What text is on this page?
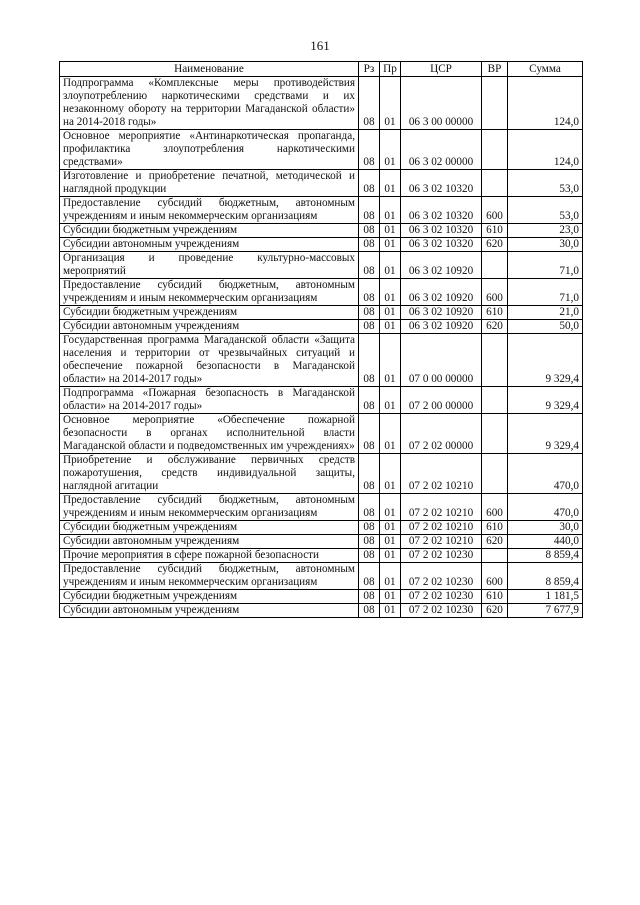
161
Наименование	Рз	Пр	ЦСР	ВР	Сумма
Подпрограмма «Комплексные меры противодействия злоупотреблению наркотическими средствами и их незаконному обороту на территории Магаданской области» на 2014-2018 годы»	08	01	06 3 00 00000		124,0
Основное мероприятие «Антинаркотическая пропаганда, профилактика злоупотребления наркотическими средствами»	08	01	06 3 02 00000		124,0
Изготовление и приобретение печатной, методической и наглядной продукции	08	01	06 3 02 10320		53,0
Предоставление субсидий бюджетным, автономным учреждениям и иным некоммерческим организациям	08	01	06 3 02 10320	600	53,0
Субсидии бюджетным учреждениям	08	01	06 3 02 10320	610	23,0
Субсидии автономным учреждениям	08	01	06 3 02 10320	620	30,0
Организация и проведение культурно-массовых мероприятий	08	01	06 3 02 10920		71,0
Предоставление субсидий бюджетным, автономным учреждениям и иным некоммерческим организациям	08	01	06 3 02 10920	600	71,0
Субсидии бюджетным учреждениям	08	01	06 3 02 10920	610	21,0
Субсидии автономным учреждениям	08	01	06 3 02 10920	620	50,0
Государственная программа Магаданской области «Защита населения и территории от чрезвычайных ситуаций и обеспечение пожарной безопасности в Магаданской области» на 2014-2017 годы»	08	01	07 0 00 00000		9 329,4
Подпрограмма «Пожарная безопасность в Магаданской области» на 2014-2017 годы»	08	01	07 2 00 00000		9 329,4
Основное мероприятие «Обеспечение пожарной безопасности в органах исполнительной власти Магаданской области и подведомственных им учреждениях»	08	01	07 2 02 00000		9 329,4
Приобретение и обслуживание первичных средств пожаротушения, средств индивидуальной защиты, наглядной агитации	08	01	07 2 02 10210		470,0
Предоставление субсидий бюджетным, автономным учреждениям и иным некоммерческим организациям	08	01	07 2 02 10210	600	470,0
Субсидии бюджетным учреждениям	08	01	07 2 02 10210	610	30,0
Субсидии автономным учреждениям	08	01	07 2 02 10210	620	440,0
Прочие мероприятия в сфере пожарной безопасности	08	01	07 2 02 10230		8 859,4
Предоставление субсидий бюджетным, автономным учреждениям и иным некоммерческим организациям	08	01	07 2 02 10230	600	8 859,4
Субсидии бюджетным учреждениям	08	01	07 2 02 10230	610	1 181,5
Субсидии автономным учреждениям	08	01	07 2 02 10230	620	7 677,9
